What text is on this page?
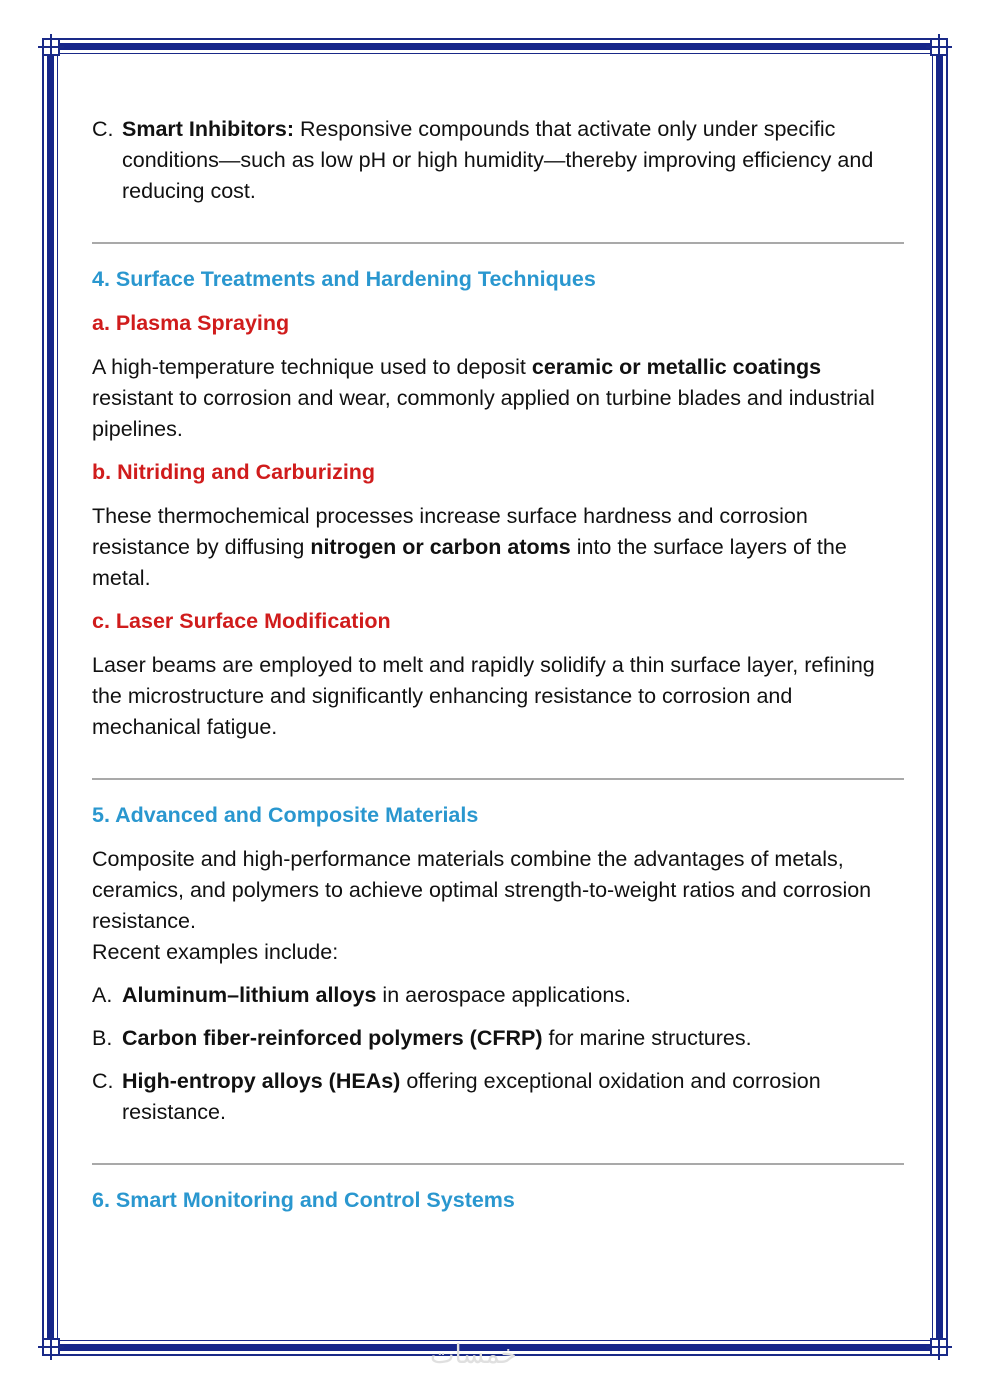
C. Smart Inhibitors: Responsive compounds that activate only under specific conditions—such as low pH or high humidity—thereby improving efficiency and reducing cost.
4. Surface Treatments and Hardening Techniques
a. Plasma Spraying

A high-temperature technique used to deposit ceramic or metallic coatings resistant to corrosion and wear, commonly applied on turbine blades and industrial pipelines.

b. Nitriding and Carburizing

These thermochemical processes increase surface hardness and corrosion resistance by diffusing nitrogen or carbon atoms into the surface layers of the metal.

c. Laser Surface Modification

Laser beams are employed to melt and rapidly solidify a thin surface layer, refining the microstructure and significantly enhancing resistance to corrosion and mechanical fatigue.

5. Advanced and Composite Materials

Composite and high-performance materials combine the advantages of metals, ceramics, and polymers to achieve optimal strength-to-weight ratios and corrosion resistance.

Recent examples include:

A. Aluminum–lithium alloys in aerospace applications.
B. Carbon fiber-reinforced polymers (CFRP) for marine structures.
C. High-entropy alloys (HEAs) offering exceptional oxidation and corrosion resistance.
6. Smart Monitoring and Control Systems
خمسات
